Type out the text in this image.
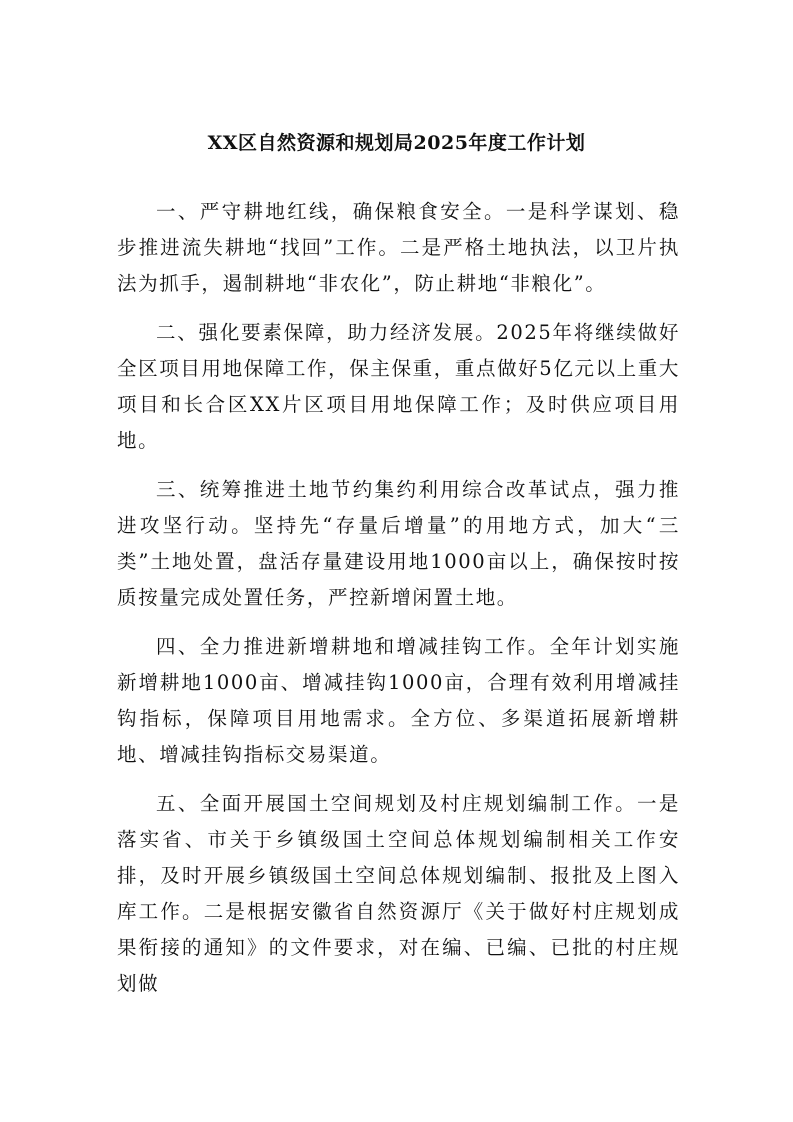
XX区自然资源和规划局2025年度工作计划

一、严守耕地红线，确保粮食安全。一是科学谋划、稳步推进流失耕地“找回”工作。二是严格土地执法，以卫片执法为抓手，遏制耕地“非农化”，防止耕地“非粮化”。

二、强化要素保障，助力经济发展。2025年将继续做好全区项目用地保障工作，保主保重，重点做好5亿元以上重大项目和长合区XX片区项目用地保障工作；及时供应项目用地。

三、统筹推进土地节约集约利用综合改革试点，强力推进攻坚行动。坚持先“存量后增量”的用地方式，加大“三类”土地处置，盘活存量建设用地1000亩以上，确保按时按质按量完成处置任务，严控新增闲置土地。

四、全力推进新增耕地和增减挂钩工作。全年计划实施新增耕地1000亩、增减挂钩1000亩，合理有效利用增减挂钩指标，保障项目用地需求。全方位、多渠道拓展新增耕地、增减挂钩指标交易渠道。

五、全面开展国土空间规划及村庄规划编制工作。一是落实省、市关于乡镇级国土空间总体规划编制相关工作安排，及时开展乡镇级国土空间总体规划编制、报批及上图入库工作。二是根据安徽省自然资源厅《关于做好村庄规划成果衔接的通知》的文件要求，对在编、已编、已批的村庄规划做
